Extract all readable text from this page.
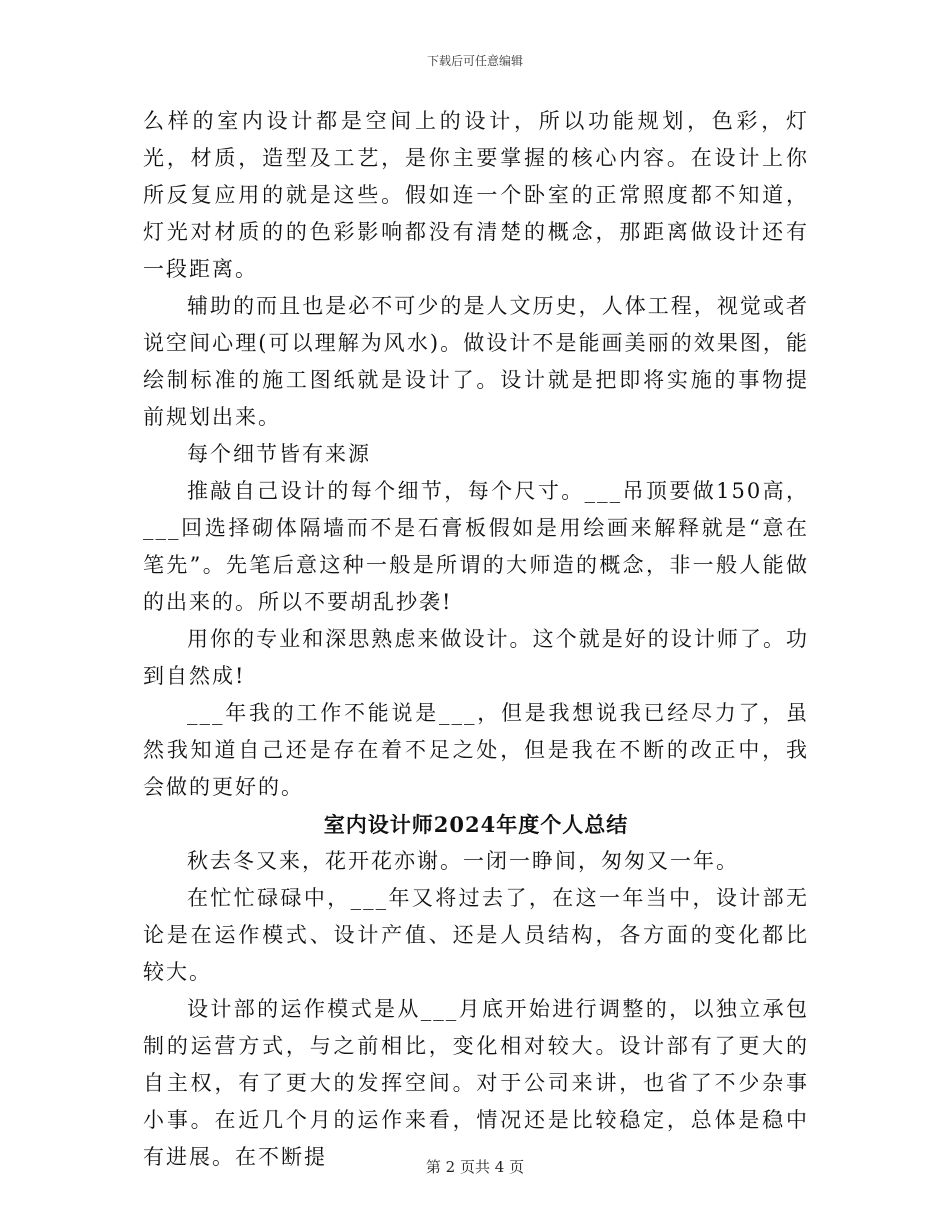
下载后可任意编辑

么样的室内设计都是空间上的设计，所以功能规划，色彩，灯光，材质，造型及工艺，是你主要掌握的核心内容。在设计上你所反复应用的就是这些。假如连一个卧室的正常照度都不知道，灯光对材质的的色彩影响都没有清楚的概念，那距离做设计还有一段距离。

辅助的而且也是必不可少的是人文历史，人体工程，视觉或者说空间心理(可以理解为风水)。做设计不是能画美丽的效果图，能绘制标准的施工图纸就是设计了。设计就是把即将实施的事物提前规划出来。

每个细节皆有来源

推敲自己设计的每个细节，每个尺寸。___吊顶要做150高，___回选择砌体隔墙而不是石膏板假如是用绘画来解释就是“意在笔先”。先笔后意这种一般是所谓的大师造的概念，非一般人能做的出来的。所以不要胡乱抄袭!

用你的专业和深思熟虑来做设计。这个就是好的设计师了。功到自然成!

___年我的工作不能说是___，但是我想说我已经尽力了，虽然我知道自己还是存在着不足之处，但是我在不断的改正中，我会做的更好的。

室内设计师2024年度个人总结

秋去冬又来，花开花亦谢。一闭一睁间，匆匆又一年。

在忙忙碌碌中，___年又将过去了，在这一年当中，设计部无论是在运作模式、设计产值、还是人员结构，各方面的变化都比较大。

设计部的运作模式是从___月底开始进行调整的，以独立承包制的运营方式，与之前相比，变化相对较大。设计部有了更大的自主权，有了更大的发挥空间。对于公司来讲，也省了不少杂事小事。在近几个月的运作来看，情况还是比较稳定，总体是稳中有进展。在不断提	第 2 页共 4 页
